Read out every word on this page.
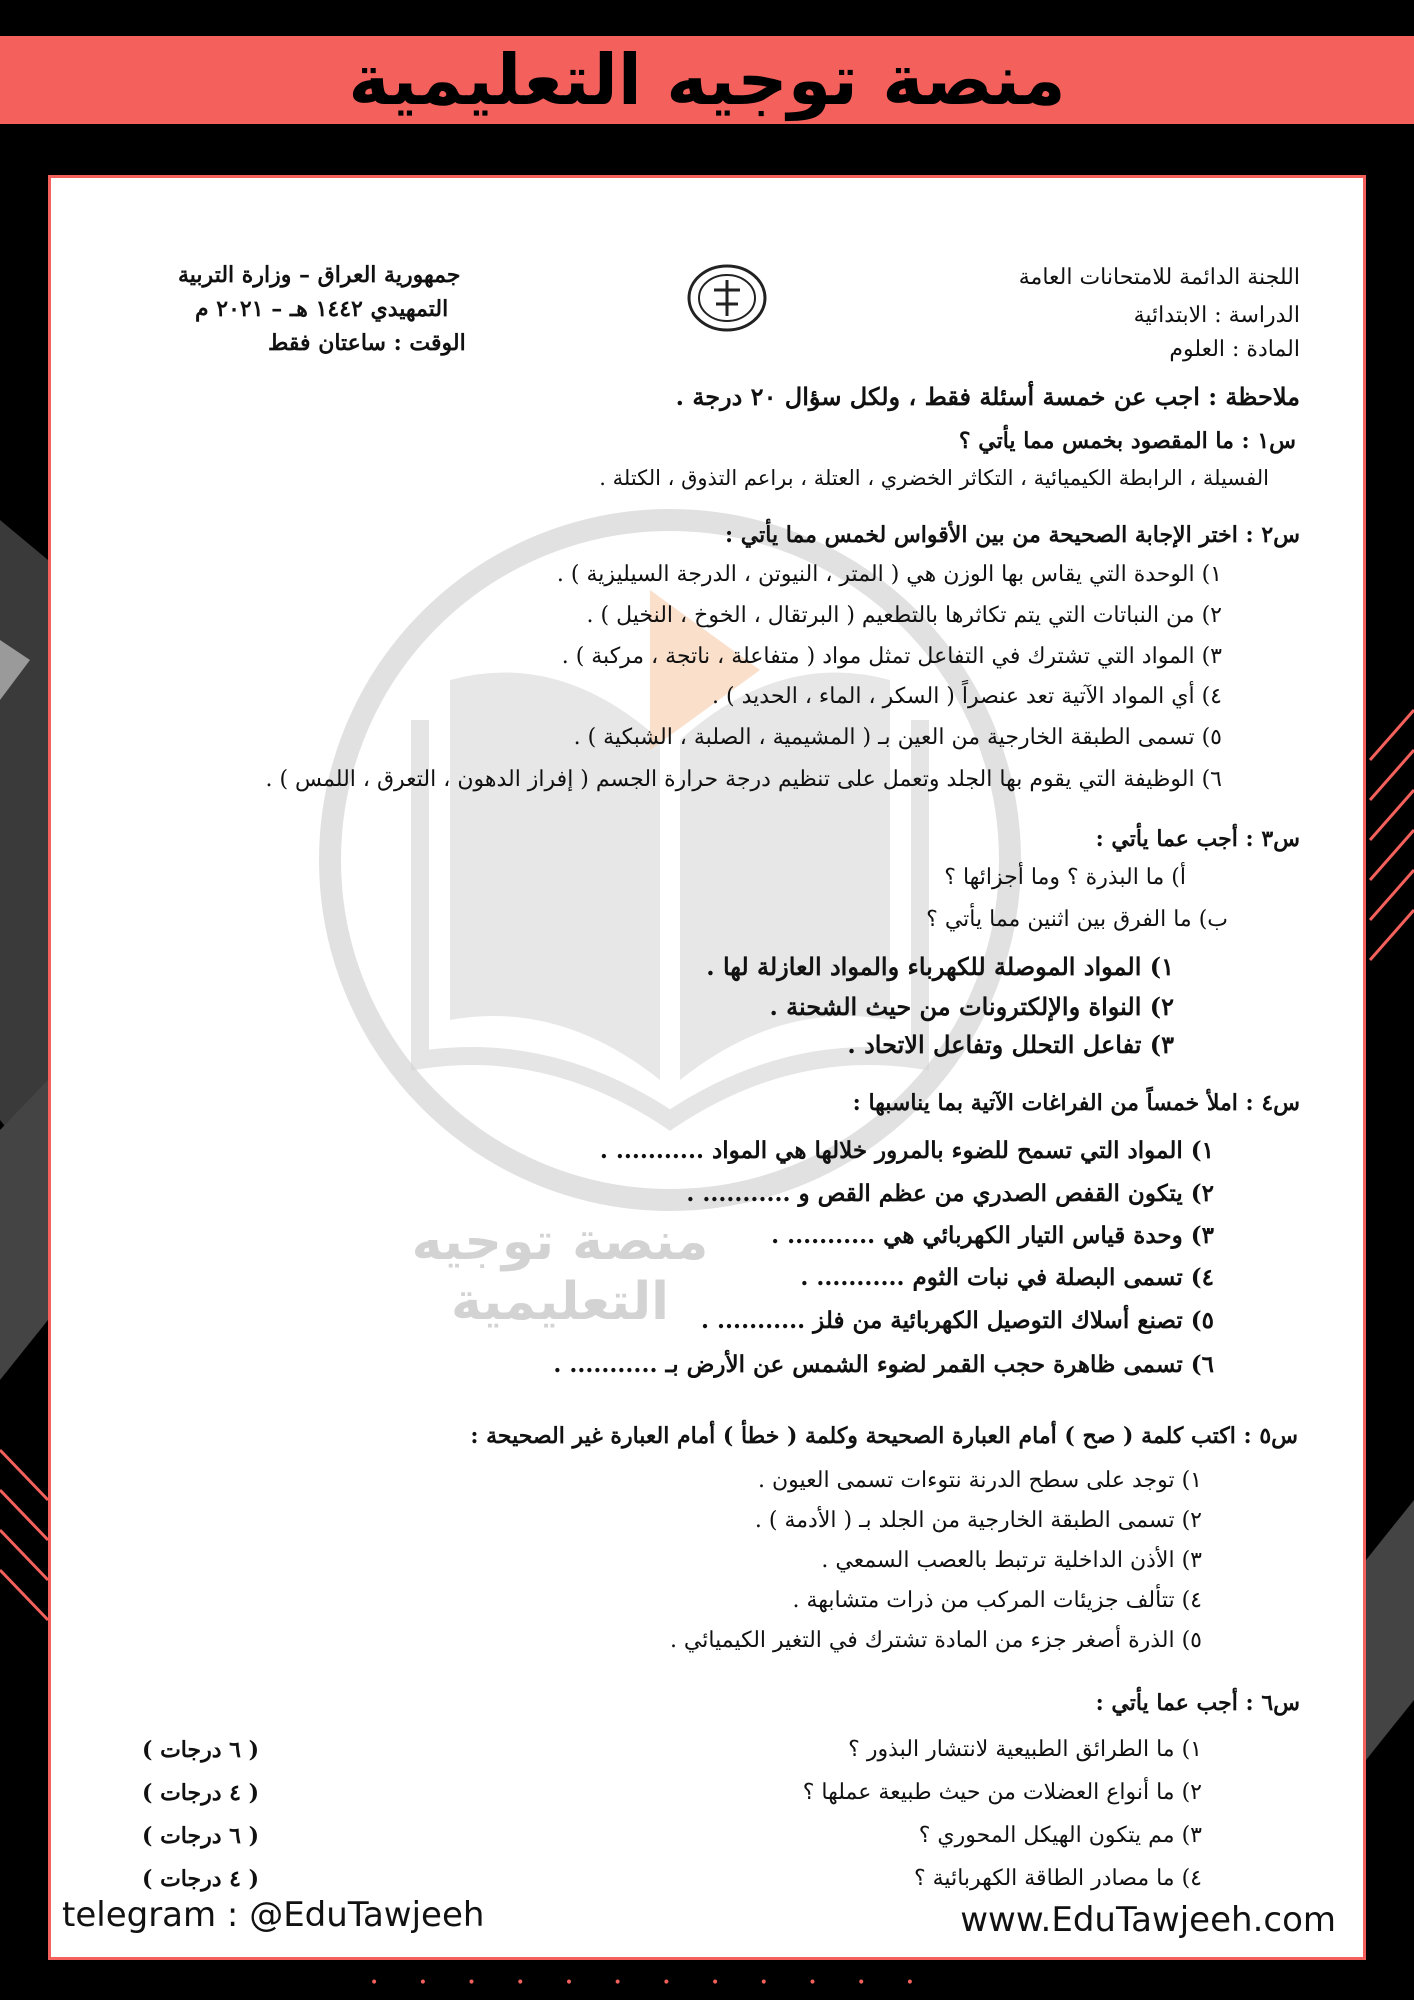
منصة توجيه التعليمية
منصة توجيه التعليمية
اللجنة الدائمة للامتحانات العامة
الدراسة : الابتدائية
المادة : العلوم
جمهورية العراق – وزارة التربية
التمهيدي ١٤٤٢ هـ – ٢٠٢١ م
الوقت : ساعتان فقط
ملاحظة : اجب عن خمسة أسئلة فقط ، ولكل سؤال ٢٠ درجة .
س١ : ما المقصود بخمس مما يأتي ؟
الفسيلة ، الرابطة الكيميائية ، التكاثر الخضري ، العتلة ، براعم التذوق ، الكتلة .
س٢ : اختر الإجابة الصحيحة من بين الأقواس لخمس مما يأتي :
١) الوحدة التي يقاس بها الوزن هي ( المتر ، النيوتن ، الدرجة السيليزية ) .
٢) من النباتات التي يتم تكاثرها بالتطعيم ( البرتقال ، الخوخ ، النخيل ) .
٣) المواد التي تشترك في التفاعل تمثل مواد ( متفاعلة ، ناتجة ، مركبة ) .
٤) أي المواد الآتية تعد عنصراً ( السكر ، الماء ، الحديد ) .
٥) تسمى الطبقة الخارجية من العين بـ ( المشيمية ، الصلبة ، الشبكية ) .
٦) الوظيفة التي يقوم بها الجلد وتعمل على تنظيم درجة حرارة الجسم ( إفراز الدهون ، التعرق ، اللمس ) .
س٣ : أجب عما يأتي :
أ) ما البذرة ؟ وما أجزائها ؟
ب) ما الفرق بين اثنين مما يأتي ؟
١) المواد الموصلة للكهرباء والمواد العازلة لها .
٢) النواة والإلكترونات من حيث الشحنة .
٣) تفاعل التحلل وتفاعل الاتحاد .
س٤ : املأ خمساً من الفراغات الآتية بما يناسبها :
١) المواد التي تسمح للضوء بالمرور خلالها هي المواد ........... .
٢) يتكون القفص الصدري من عظم القص و ........... .
٣) وحدة قياس التيار الكهربائي هي ........... .
٤) تسمى البصلة في نبات الثوم ........... .
٥) تصنع أسلاك التوصيل الكهربائية من فلز ........... .
٦) تسمى ظاهرة حجب القمر لضوء الشمس عن الأرض بـ ........... .
س٥ : اكتب كلمة ( صح ) أمام العبارة الصحيحة وكلمة ( خطأ ) أمام العبارة غير الصحيحة :
١) توجد على سطح الدرنة نتوءات تسمى العيون .
٢) تسمى الطبقة الخارجية من الجلد بـ ( الأدمة ) .
٣) الأذن الداخلية ترتبط بالعصب السمعي .
٤) تتألف جزيئات المركب من ذرات متشابهة .
٥) الذرة أصغر جزء من المادة تشترك في التغير الكيميائي .
س٦ : أجب عما يأتي :
١) ما الطرائق الطبيعية لانتشار البذور ؟
( ٦ درجات )
٢) ما أنواع العضلات من حيث طبيعة عملها ؟
( ٤ درجات )
٣) مم يتكون الهيكل المحوري ؟
( ٦ درجات )
٤) ما مصادر الطاقة الكهربائية ؟
( ٤ درجات )
telegram : @EduTawjeeh	www.EduTawjeeh.com
• • • • • • • • • • • •
